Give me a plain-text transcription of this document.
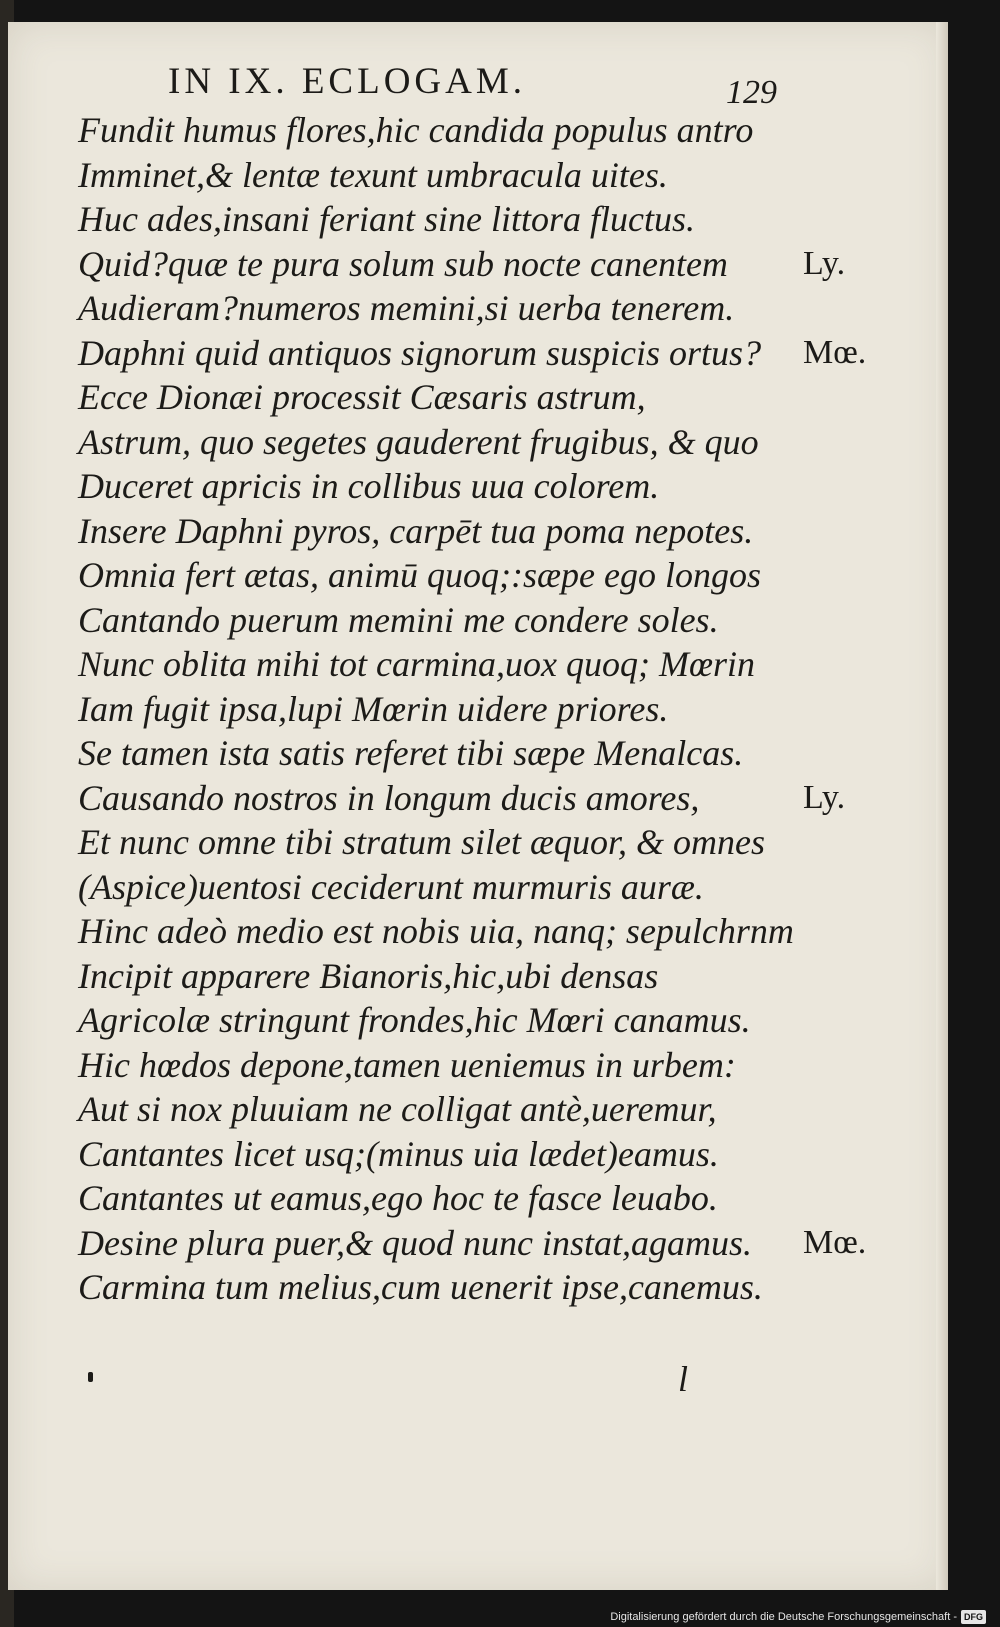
IN IX. ECLOGAM.	129
Fundit humus flores,hic candida populus antro
Imminet,& lentæ texunt umbracula uites.
Huc ades,insani feriant sine littora fluctus.
Quid?quæ te pura solum sub nocte canentem
Audieram?numeros memini,si uerba tenerem.
Daphni quid antiquos signorum suspicis ortus?
Ecce Dionæi processit Cæsaris astrum,
Astrum, quo segetes gauderent frugibus, & quo
Duceret apricis in collibus uua colorem.
Insere Daphni pyros, carpēt tua poma nepotes.
Omnia fert ætas, animū quoq;:sæpe ego longos
Cantando puerum memini me condere soles.
Nunc oblita mihi tot carmina,uox quoq; Mœrin
Iam fugit ipsa,lupi Mœrin uidere priores.
Se tamen ista satis referet tibi sæpe Menalcas.
Causando nostros in longum ducis amores,
Et nunc omne tibi stratum silet æquor, & omnes
(Aspice)uentosi ceciderunt murmuris auræ.
Hinc adeò medio est nobis uia, nanq; sepulchrnm
Incipit apparere Bianoris,hic,ubi densas
Agricolæ stringunt frondes,hic Mœri canamus.
Hic hœdos depone,tamen ueniemus in urbem:
Aut si nox pluuiam ne colligat antè,ueremur,
Cantantes licet usq;(minus uia lædet)eamus.
Cantantes ut eamus,ego hoc te fasce leuabo.
Desine plura puer,& quod nunc instat,agamus.
Carmina tum melius,cum uenerit ipse,canemus.
Ly.
Mœ.
Ly.
Mœ.
l
Digitalisierung gefördert durch die Deutsche Forschungsgemeinschaft - DFG
